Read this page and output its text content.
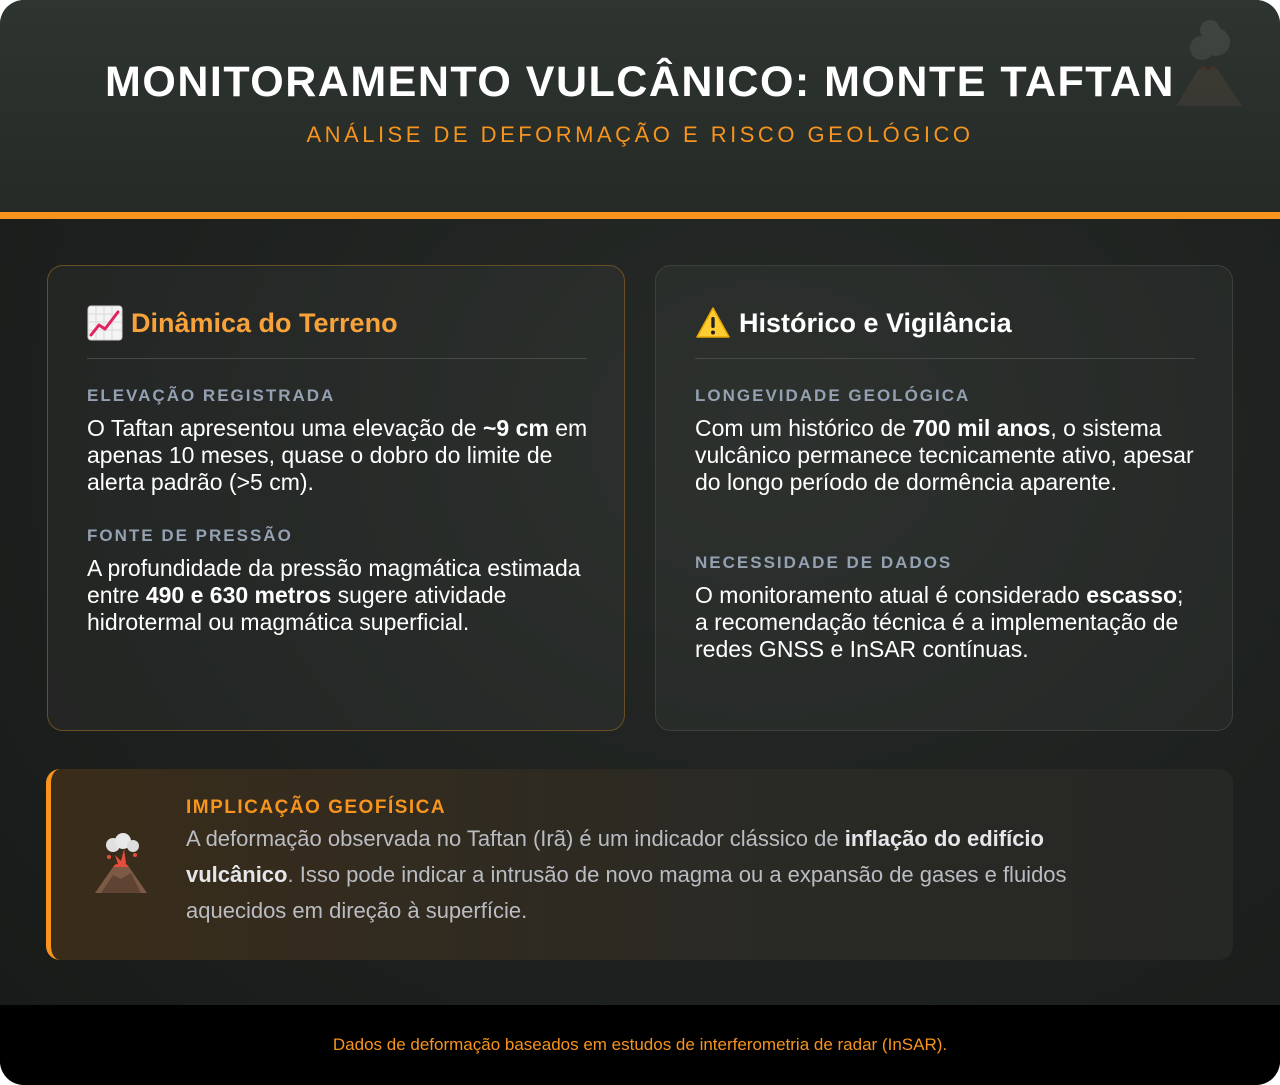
MONITORAMENTO VULCÂNICO: MONTE TAFTAN
ANÁLISE DE DEFORMAÇÃO E RISCO GEOLÓGICO
Dinâmica do Terreno
ELEVAÇÃO REGISTRADA
O Taftan apresentou uma elevação de ~9 cm em apenas 10 meses, quase o dobro do limite de alerta padrão (>5 cm).
FONTE DE PRESSÃO
A profundidade da pressão magmática estimada entre 490 e 630 metros sugere atividade hidrotermal ou magmática superficial.
Histórico e Vigilância
LONGEVIDADE GEOLÓGICA
Com um histórico de 700 mil anos, o sistema vulcânico permanece tecnicamente ativo, apesar do longo período de dormência aparente.
NECESSIDADE DE DADOS
O monitoramento atual é considerado escasso; a recomendação técnica é a implementação de redes GNSS e InSAR contínuas.
IMPLICAÇÃO GEOFÍSICA
A deformação observada no Taftan (Irã) é um indicador clássico de inflação do edifício vulcânico. Isso pode indicar a intrusão de novo magma ou a expansão de gases e fluidos aquecidos em direção à superfície.
Dados de deformação baseados em estudos de interferometria de radar (InSAR).
